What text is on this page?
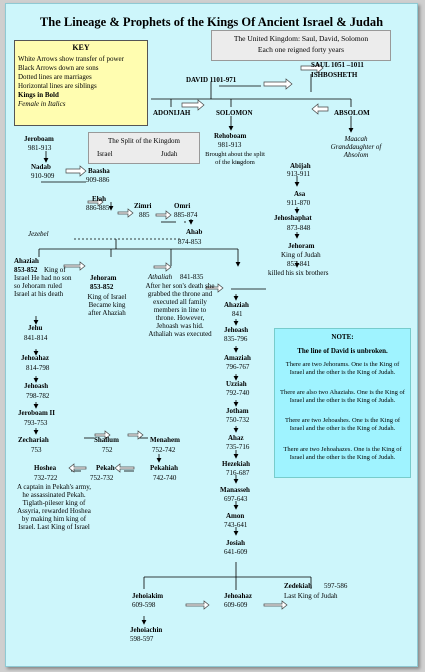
The Lineage & Prophets of the Kings Of Ancient Israel & Judah
KEY
White Arrows show transfer of power
Black Arrows down are sons
Dotted lines are marriages
Horizontal lines are siblings
Kings in Bold
Female in Italics
The United Kingdom: Saul, David, Solomon
Each one reigned forty years
SAUL 1051 –1011
ISHBOSHETH
DAVID 1101-971
ADONIJAH	SOLOMON	ABSOLOM
Maacah
Granddaughter of
Absolom
The Split of the Kingdom
Israel	Judah
Jeroboam
981-913
Nadab
910-909
Baasha
909-886
Elah
886-885	Zimri
885
Omri
885-874
Ahab
874-853
Jezebel
Ahaziah
853-852 King of Israel He had no son so Jehoram ruled Israel at his death
Jehoram
853-852
King of Israel Became king after Ahaziah
Jehu
841-814
Jehoahaz
814-798
Jehoash
798-782
Jeroboam II
793-753
Zechariah
753
Shallum
752
Menahem
752-742
Pekahiah
742-740
Pekah
752-732
Hoshea
732-722
A captain in Pekah's army, he assassinated Pekah. Tiglath-pileser king of Assyria, rewarded Hoshea by making him king of Israel. Last King of Israel
Rehoboam
981-913
Brought about the split of the kingdom	Abijah
913-911
Asa
911-870
Jehoshaphat
873-848
Jehoram
King of Judah
853-841
killed his six brothers
Athaliah 841-835
After her son's death she grabbed the throne and executed all family members in line to throne. However, Jehoash was hid. Athaliah was executed
Ahaziah
841
Jehoash
835-796
Amaziah
796-767
Uzziah
792-740
Jotham
750-732
Ahaz
735-716
Hezekiah
716-687
Manasseh
697-643
Amon
743-641
Josiah
641-609
Jehoiakim
609-598
Jehoahaz
609-609
Zedekiah 597-586
Last King of Judah
Jehoiachin
598-597
NOTE:
The line of David is unbroken.
There are two Jehorams. One is the King of Israel and the other is the King of Judah.
There are also two Ahaziahs. One is the King of Israel and the other is the King of Judah.
There are two Jehoashes. One is the King of Israel and the other is the King of Judah.
There are two Jehoahazes. One is the King of Israel and the other is the King of Judah.
